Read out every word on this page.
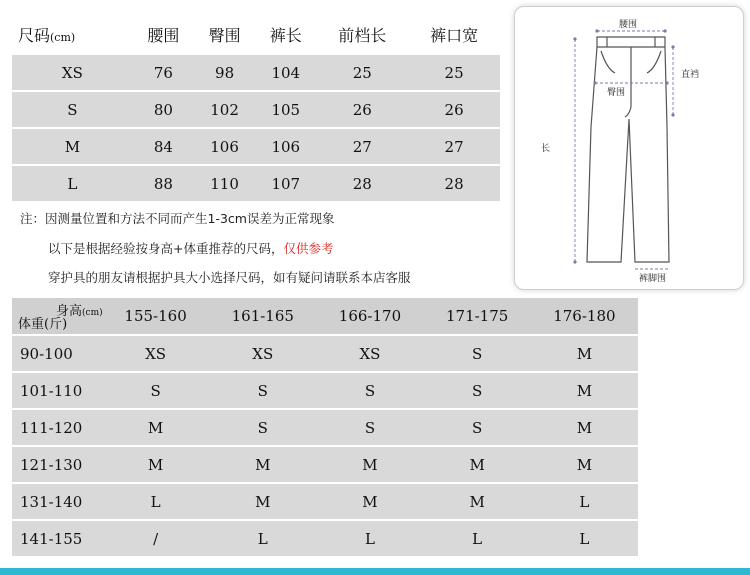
尺码(cm)	腰围	臀围	裤长	前档长	裤口宽
XS	76	98	104	25	25
S	80	102	105	26	26
M	84	106	106	27	27
L	88	110	107	28	28
注：因测量位置和方法不同而产生1-3cm误差为正常现象
以下是根据经验按身高+体重推荐的尺码，仅供参考
穿护具的朋友请根据护具大小选择尺码，如有疑问请联系本店客服
腰围
直裆
臀围
长
裤脚围
身高(cm)
体重(斤)	155-160	161-165	166-170	171-175	176-180
90-100	XS	XS	XS	S	M
101-110	S	S	S	S	M
111-120	M	S	S	S	M
121-130	M	M	M	M	M
131-140	L	M	M	M	L
141-155	/	L	L	L	L
